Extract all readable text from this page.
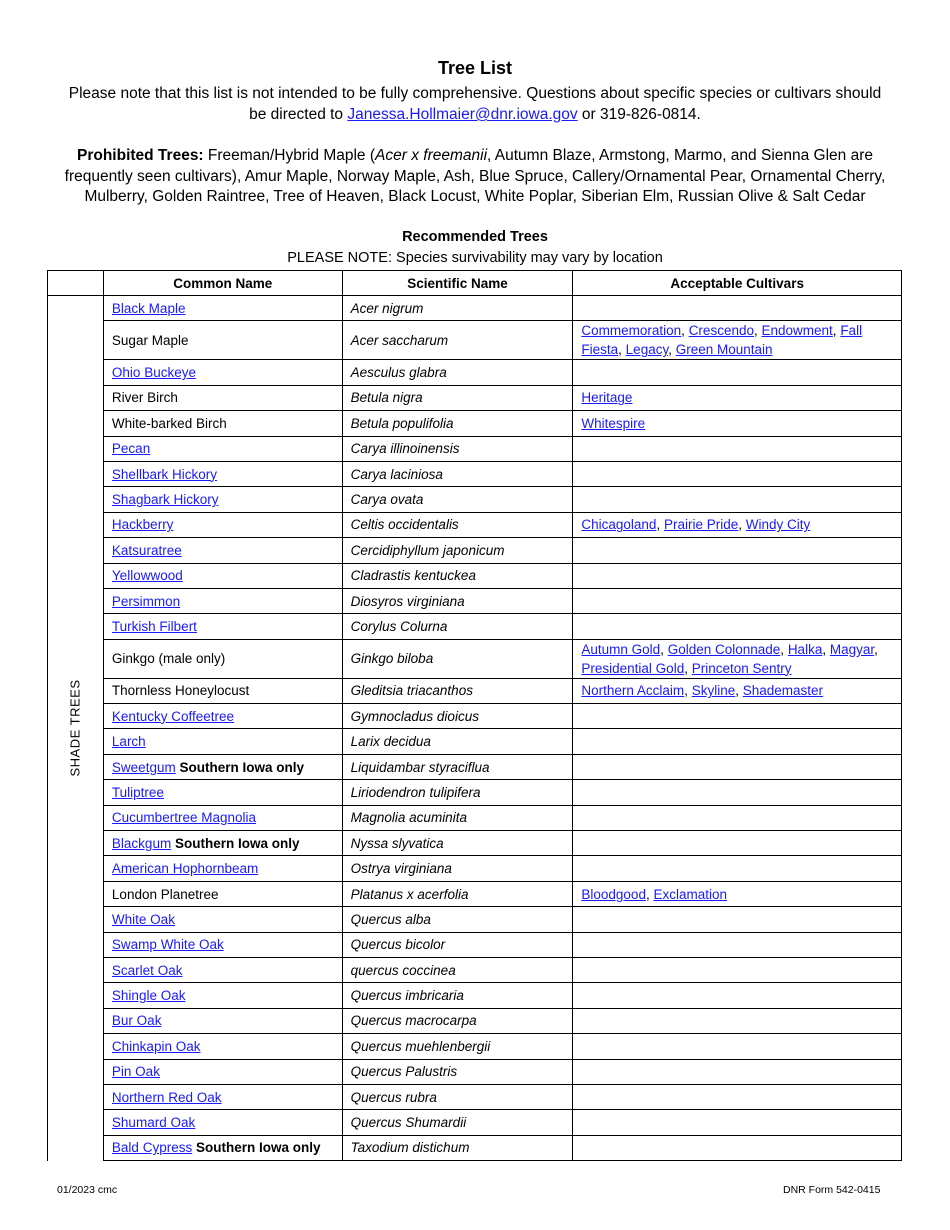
Tree List
Please note that this list is not intended to be fully comprehensive. Questions about specific species or cultivars should be directed to Janessa.Hollmaier@dnr.iowa.gov or 319-826-0814.
Prohibited Trees: Freeman/Hybrid Maple (Acer x freemanii, Autumn Blaze, Armstong, Marmo, and Sienna Glen are frequently seen cultivars), Amur Maple, Norway Maple, Ash, Blue Spruce, Callery/Ornamental Pear, Ornamental Cherry, Mulberry, Golden Raintree, Tree of Heaven, Black Locust, White Poplar, Siberian Elm, Russian Olive & Salt Cedar
Recommended Trees
PLEASE NOTE: Species survivability may vary by location
	Common Name	Scientific Name	Acceptable Cultivars

SHADE TREES	Black Maple	Acer nigrum	
	Sugar Maple	Acer saccharum	Commemoration, Crescendo, Endowment, Fall Fiesta, Legacy, Green Mountain
	Ohio Buckeye	Aesculus glabra	
	River Birch	Betula nigra	Heritage
	White-barked Birch	Betula populifolia	Whitespire
	Pecan	Carya illinoinensis	
	Shellbark Hickory	Carya laciniosa	
	Shagbark Hickory	Carya ovata	
	Hackberry	Celtis occidentalis	Chicagoland, Prairie Pride, Windy City
	Katsuratree	Cercidiphyllum japonicum	
	Yellowwood	Cladrastis kentuckea	
	Persimmon	Diosyros virginiana	
	Turkish Filbert	Corylus Colurna	
	Ginkgo (male only)	Ginkgo biloba	Autumn Gold, Golden Colonnade, Halka, Magyar, Presidential Gold, Princeton Sentry
	Thornless Honeylocust	Gleditsia triacanthos	Northern Acclaim, Skyline, Shademaster
	Kentucky Coffeetree	Gymnocladus dioicus	
	Larch	Larix decidua	
	Sweetgum Southern Iowa only	Liquidambar styraciflua	
	Tuliptree	Liriodendron tulipifera	
	Cucumbertree Magnolia	Magnolia acuminita	
	Blackgum Southern Iowa only	Nyssa slyvatica	
	American Hophornbeam	Ostrya virginiana	
	London Planetree	Platanus x acerfolia	Bloodgood, Exclamation
	White Oak	Quercus alba	
	Swamp White Oak	Quercus bicolor	
	Scarlet Oak	quercus coccinea	
	Shingle Oak	Quercus imbricaria	
	Bur Oak	Quercus macrocarpa	
	Chinkapin Oak	Quercus muehlenbergii	
	Pin Oak	Quercus Palustris	
	Northern Red Oak	Quercus rubra	
	Shumard Oak	Quercus Shumardii	
	Bald Cypress Southern Iowa only	Taxodium distichum	
01/2023 cmc	DNR Form 542-0415
